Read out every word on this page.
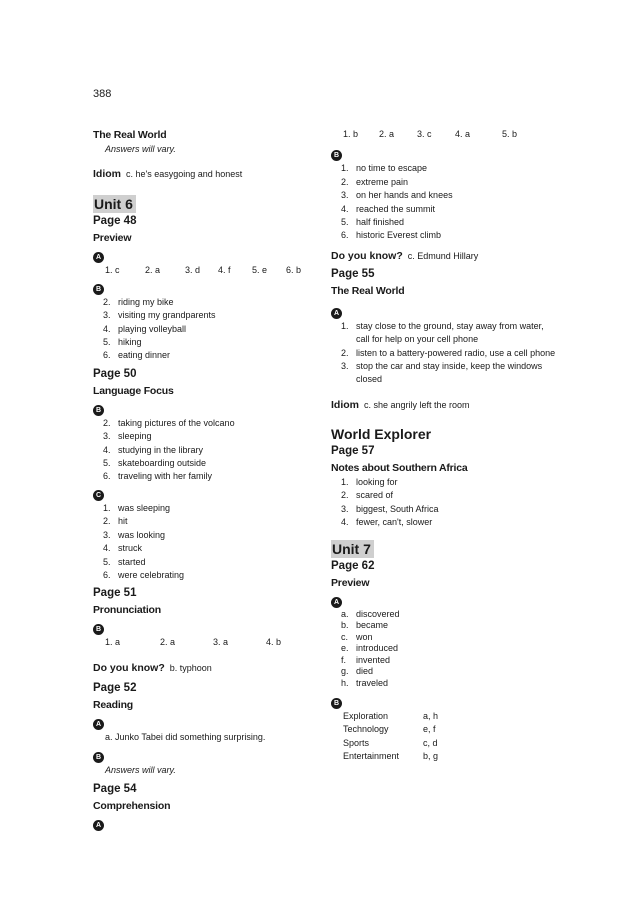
388
The Real World
Answers will vary.
Idiom c. he's easygoing and honest
Unit 6
Page 48
Preview
A
1. c	2. a	3. d	4. f	5. e	6. b
B
2. riding my bike
3. visiting my grandparents
4. playing volleyball
5. hiking
6. eating dinner
Page 50
Language Focus
B
2. taking pictures of the volcano
3. sleeping
4. studying in the library
5. skateboarding outside
6. traveling with her family
C
1. was sleeping
2. hit
3. was looking
4. struck
5. started
6. were celebrating
Page 51
Pronunciation
B
1. a	2. a	3. a	4. b
Do you know? b. typhoon
Page 52
Reading
A
a. Junko Tabei did something surprising.
B
Answers will vary.
Page 54
Comprehension
A
1. b	2. a	3. c	4. a	5. b
B
1. no time to escape
2. extreme pain
3. on her hands and knees
4. reached the summit
5. half finished
6. historic Everest climb
Do you know? c. Edmund Hillary
Page 55
The Real World
A
1. stay close to the ground, stay away from water, call for help on your cell phone
2. listen to a battery-powered radio, use a cell phone
3. stop the car and stay inside, keep the windows closed
Idiom c. she angrily left the room
World Explorer
Page 57
Notes about Southern Africa
1. looking for
2. scared of
3. biggest, South Africa
4. fewer, can't, slower
Unit 7
Page 62
Preview
A
a. discovered
b. became
c. won
e. introduced
f.	invented
g. died
h. traveled
B
Exploration	a, h
Technology	e, f
Sports	c, d
Entertainment	b, g
